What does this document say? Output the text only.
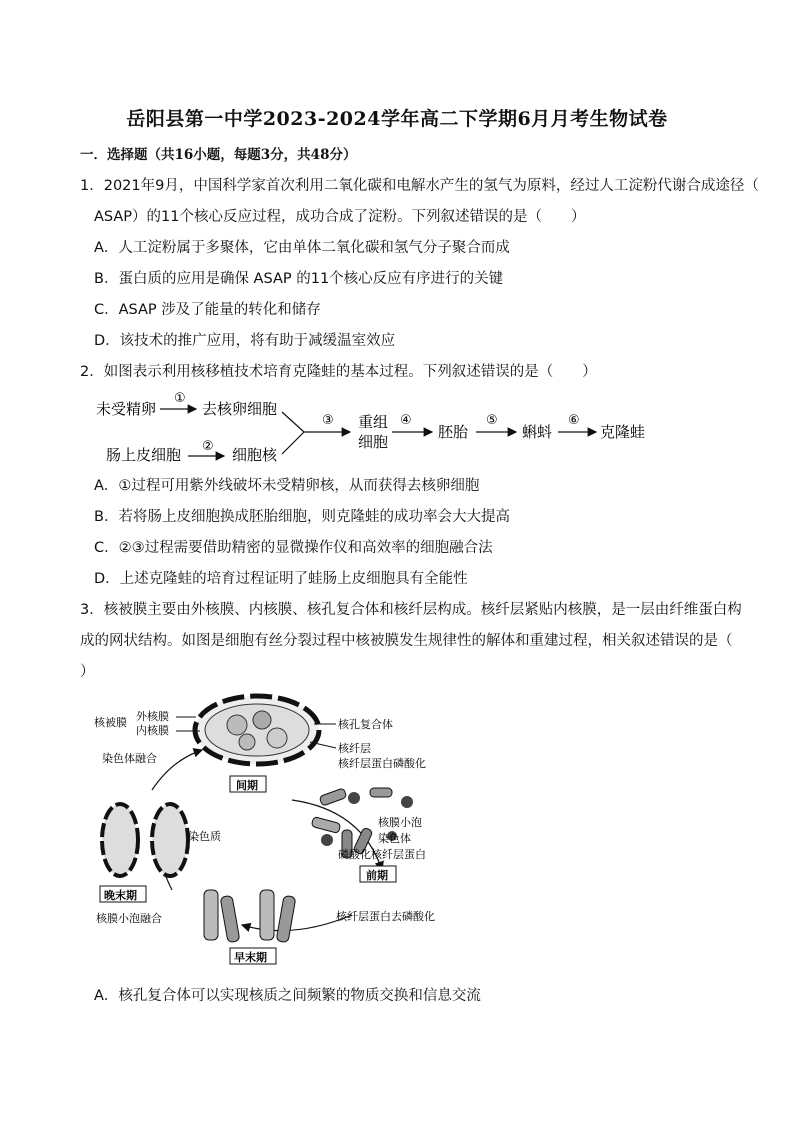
岳阳县第一中学2023-2024学年高二下学期6月月考生物试卷
一．选择题（共16小题，每题3分，共48分）
1．2021年9月，中国科学家首次利用二氧化碳和电解水产生的氢气为原料，经过人工淀粉代谢合成途径（
ASAP）的11个核心反应过程，成功合成了淀粉。下列叙述错误的是（　　）
A．人工淀粉属于多聚体，它由单体二氧化碳和氢气分子聚合而成
B．蛋白质的应用是确保 ASAP 的11个核心反应有序进行的关键
C．ASAP 涉及了能量的转化和储存
D．该技术的推广应用，将有助于减缓温室效应
2．如图表示利用核移植技术培育克隆蛙的基本过程。下列叙述错误的是（　　）
未受精卵
①
去核卵细胞
肠上皮细胞 ② 细胞核
③ 重组
细胞
④
胚胎
⑤
蝌蚪
⑥
克隆蛙
A．①过程可用紫外线破坏未受精卵核，从而获得去核卵细胞
B．若将肠上皮细胞换成胚胎细胞，则克隆蛙的成功率会大大提高
C．②③过程需要借助精密的显微操作仪和高效率的细胞融合法
D．上述克隆蛙的培育过程证明了蛙肠上皮细胞具有全能性
3．核被膜主要由外核膜、内核膜、核孔复合体和核纤层构成。核纤层紧贴内核膜，是一层由纤维蛋白构
成的网状结构。如图是细胞有丝分裂过程中核被膜发生规律性的解体和重建过程，相关叙述错误的是（
）
间期
核被膜 外核膜
内核膜
染色体融合
核孔复合体
核纤层
核纤层蛋白磷酸化
核膜小泡
染色体
磷酸化核纤层蛋白
前期
染色质
晚末期
核膜小泡融合	核纤层蛋白去磷酸化
早末期
A．核孔复合体可以实现核质之间频繁的物质交换和信息交流
